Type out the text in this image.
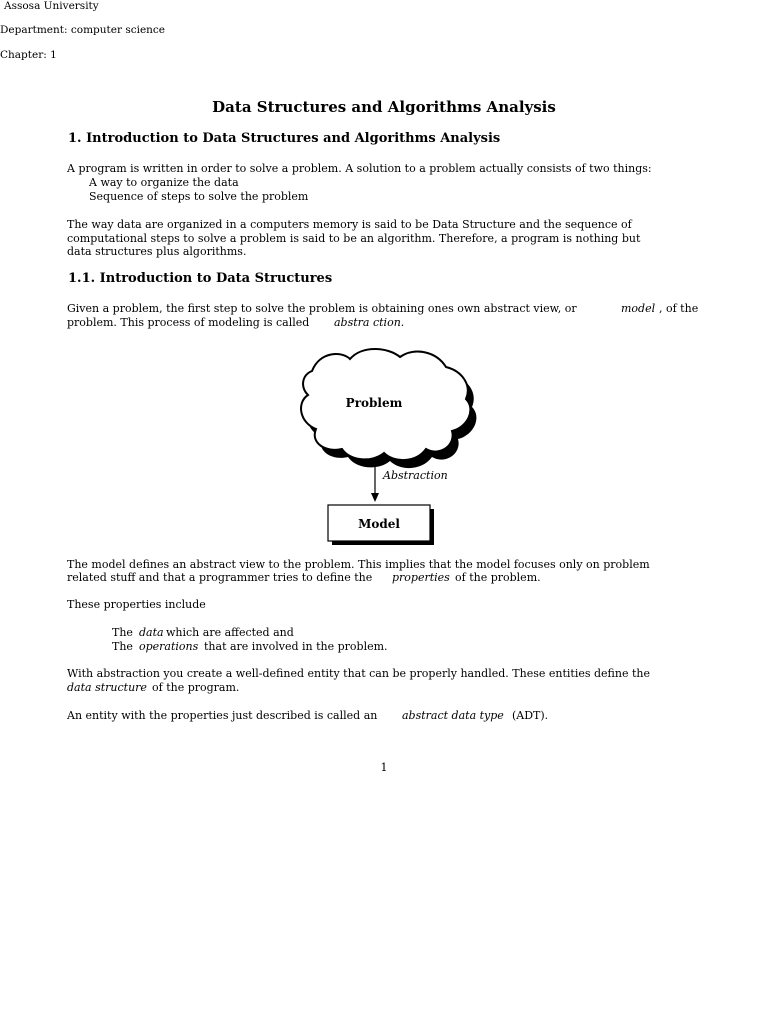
Assosa University
Department: computer science
Chapter: 1
Data Structures and Algorithms Analysis
1. Introduction to Data Structures and Algorithms Analysis
A program is written in order to solve a problem. A solution to a problem actually consists of two things:
A way to organize the data
Sequence of steps to solve the problem
The way data are organized in a computers memory is said to be Data Structure and the sequence of
computational steps to solve a problem is said to be an algorithm. Therefore, a program is nothing but
data structures plus algorithms.
1.1. Introduction to Data Structures
Given a problem, the first step to solve the problem is obtaining ones own abstract view, or	model , of the
problem. This process of modeling is called abstra ction.
Problem
Abstraction
Model
The model defines an abstract view to the problem. This implies that the model focuses only on problem
related stuff and that a programmer tries to define the properties of the problem.
These properties include
The data which are affected and
The operations that are involved in the problem.
With abstraction you create a well-defined entity that can be properly handled. These entities define the
data structure of the program.
An entity with the properties just described is called an abstract data type (ADT).
1
